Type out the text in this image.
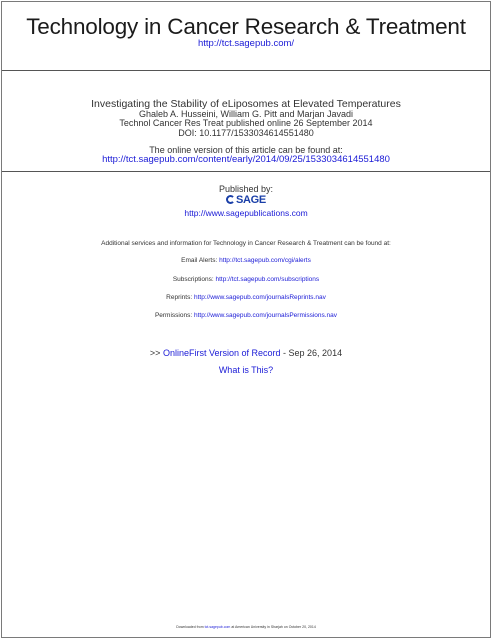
Technology in Cancer Research & Treatment
http://tct.sagepub.com/
Investigating the Stability of eLiposomes at Elevated Temperatures
Ghaleb A. Husseini, William G. Pitt and Marjan Javadi
Technol Cancer Res Treat published online 26 September 2014
DOI: 10.1177/1533034614551480
The online version of this article can be found at:
http://tct.sagepub.com/content/early/2014/09/25/1533034614551480
Published by:
SAGE
http://www.sagepublications.com
Additional services and information for Technology in Cancer Research & Treatment can be found at:
Email Alerts: http://tct.sagepub.com/cgi/alerts
Subscriptions: http://tct.sagepub.com/subscriptions
Reprints: http://www.sagepub.com/journalsReprints.nav
Permissions: http://www.sagepub.com/journalsPermissions.nav
>> OnlineFirst Version of Record - Sep 26, 2014
What is This?
Downloaded from tct.sagepub.com at American University in Sharjah on October 20, 2014
